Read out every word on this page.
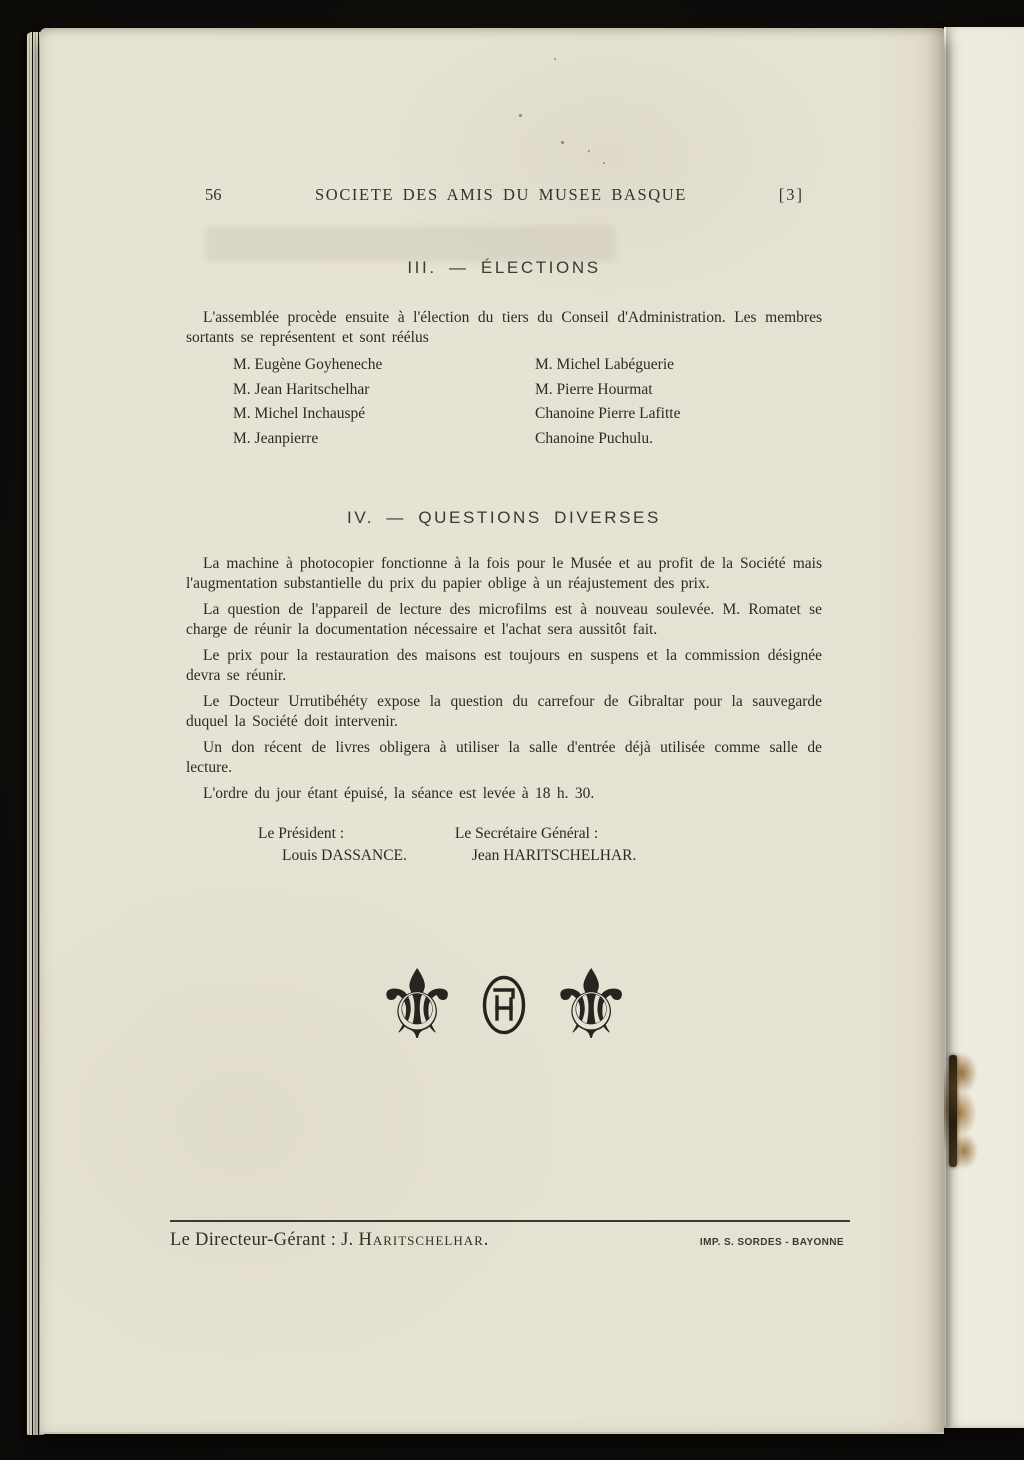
56	SOCIETE DES AMIS DU MUSEE BASQUE	[3]
III. — ÉLECTIONS

L'assemblée procède ensuite à l'élection du tiers du Conseil d'Administration. Les membres sortants se représentent et sont réélus

M. Eugène Goyheneche	M. Michel Labéguerie
M. Jean Haritschelhar	M. Pierre Hourmat
M. Michel Inchauspé	Chanoine Pierre Lafitte
M. Jeanpierre	Chanoine Puchulu.
IV. — QUESTIONS DIVERSES

La machine à photocopier fonctionne à la fois pour le Musée et au profit de la Société mais l'augmentation substantielle du prix du papier oblige à un réajustement des prix.

La question de l'appareil de lecture des microfilms est à nouveau soulevée. M. Romatet se charge de réunir la documentation nécessaire et l'achat sera aussitôt fait.

Le prix pour la restauration des maisons est toujours en suspens et la commission désignée devra se réunir.

Le Docteur Urrutibéhéty expose la question du carrefour de Gibraltar pour la sauvegarde duquel la Société doit intervenir.

Un don récent de livres obligera à utiliser la salle d'entrée déjà utilisée comme salle de lecture.

L'ordre du jour étant épuisé, la séance est levée à 18 h. 30.

Le Président :
Louis DASSANCE.
Le Secrétaire Général :
Jean HARITSCHELHAR.
⚜ ⚜
Le Directeur-Gérant : J. Haritschelhar.	IMP. S. SORDES - BAYONNE
